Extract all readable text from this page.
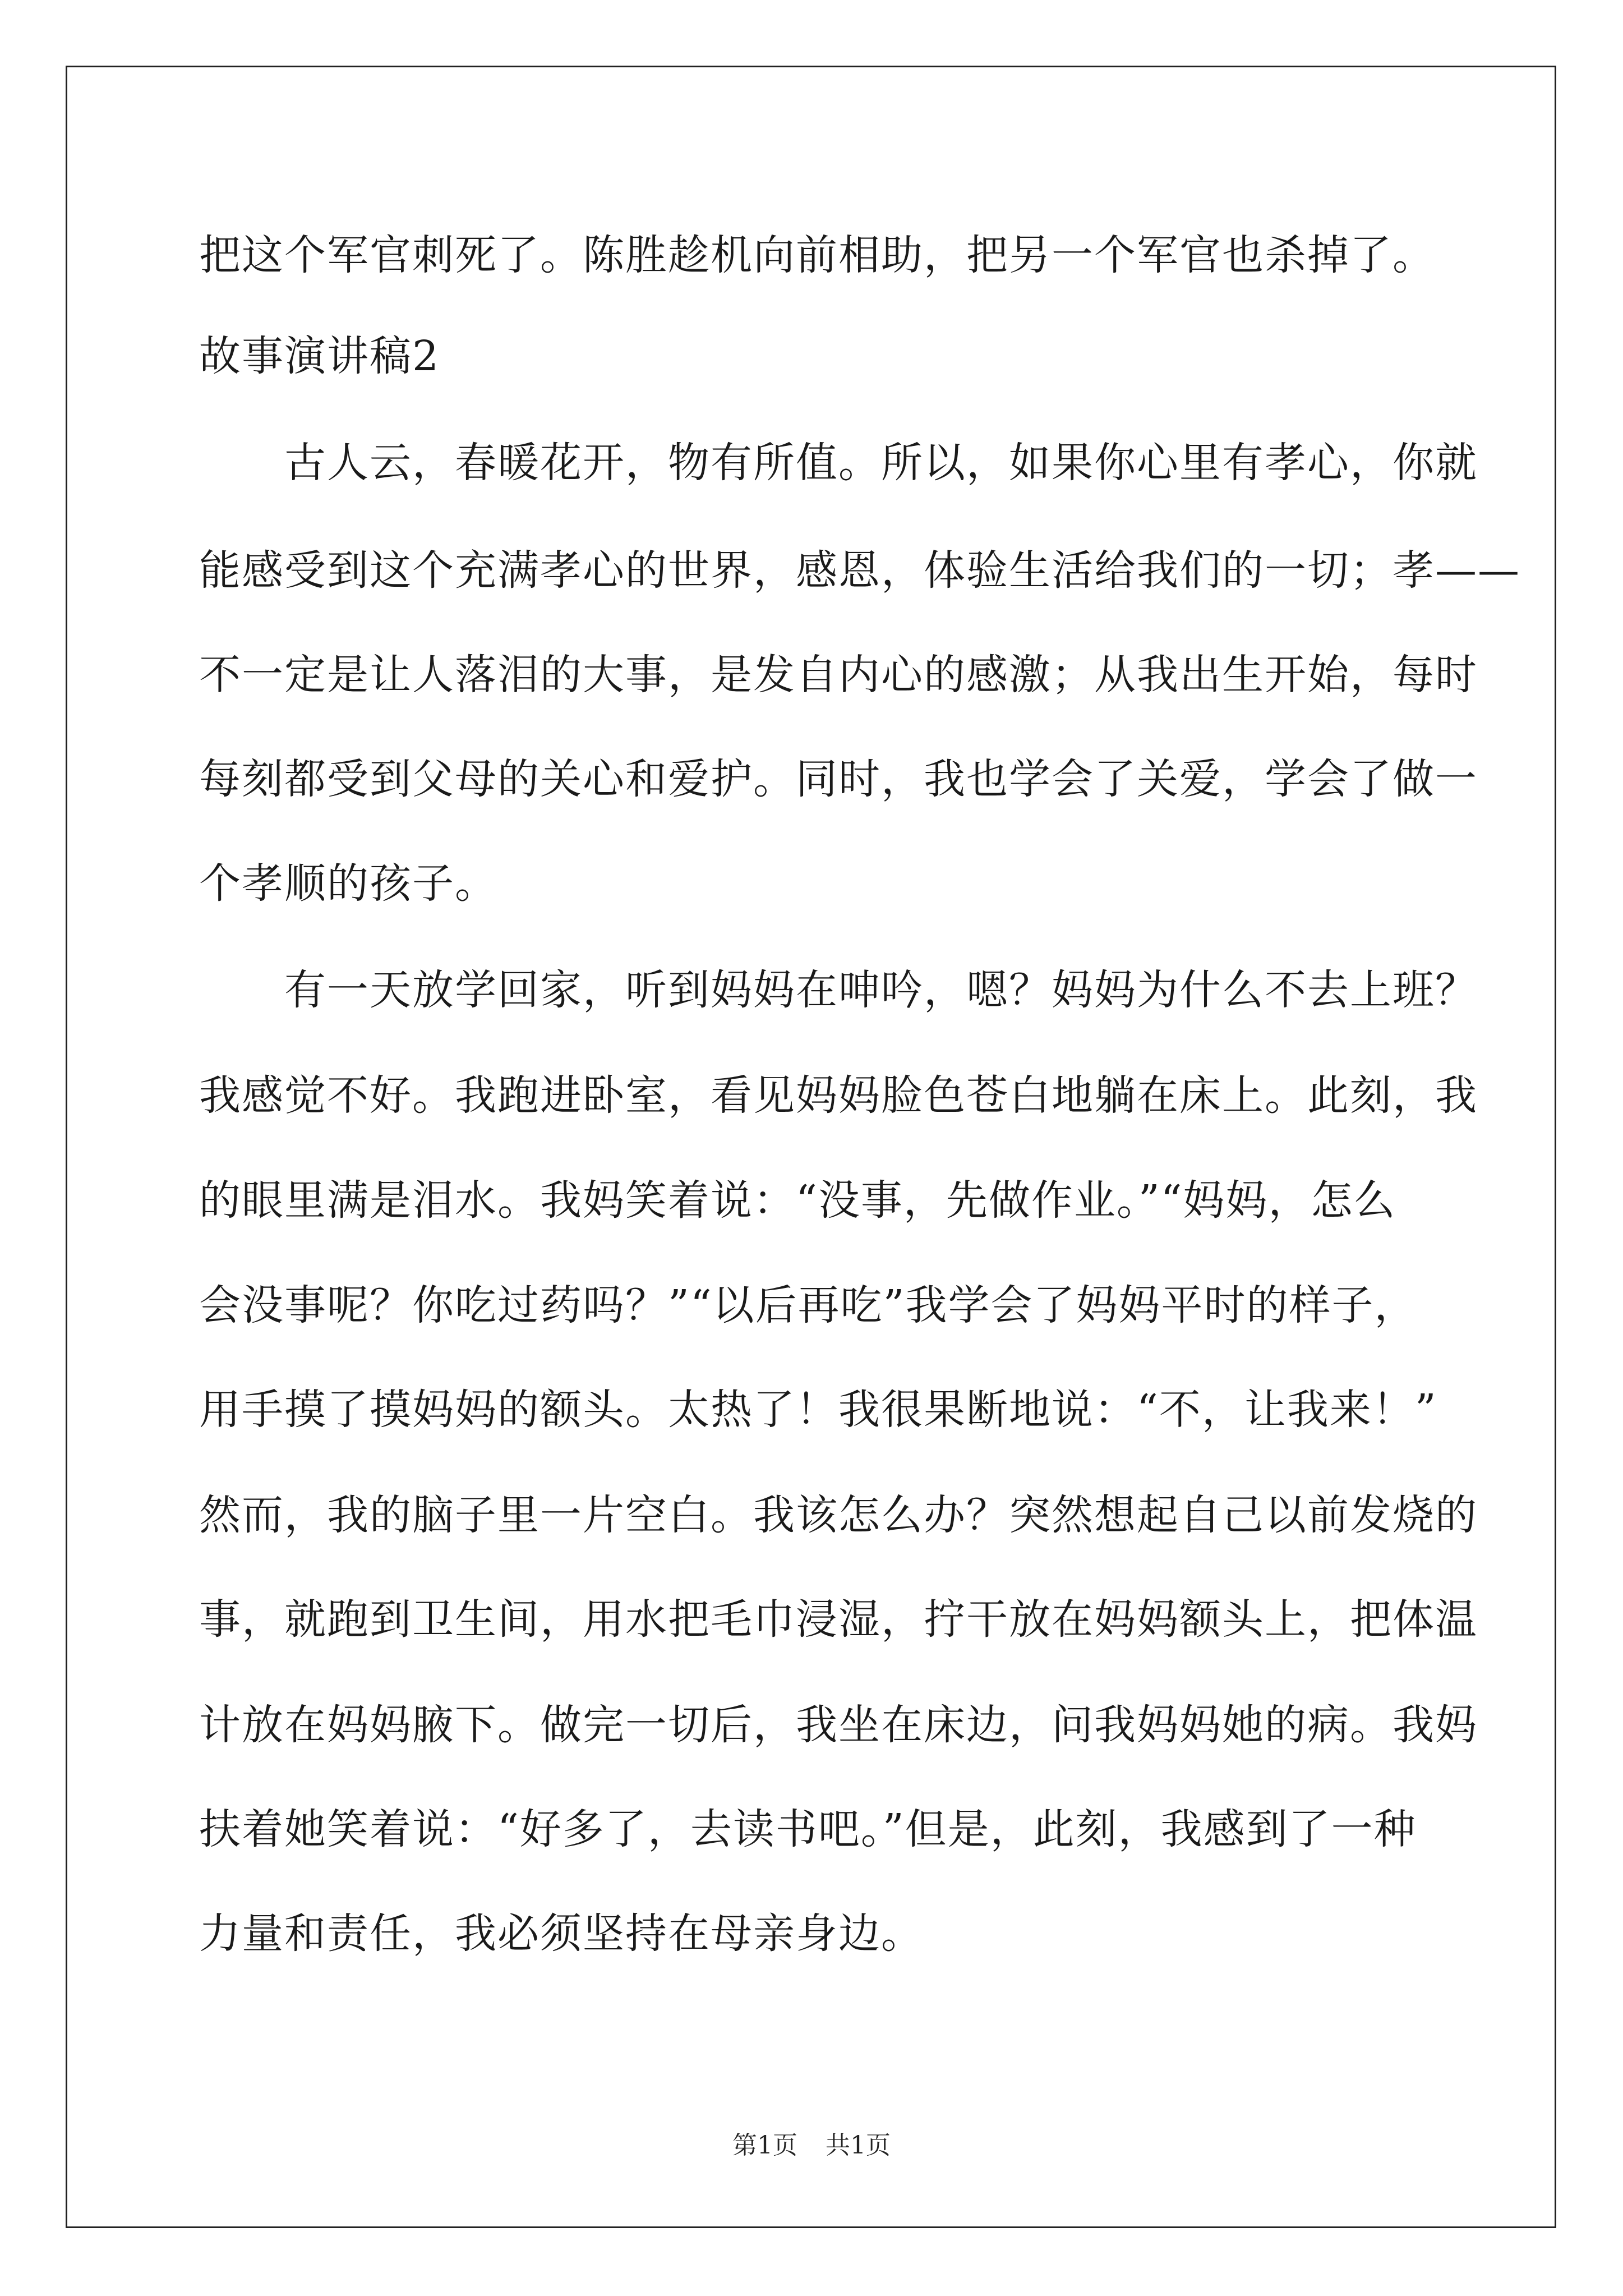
把这个军官刺死了。陈胜趁机向前相助，把另一个军官也杀掉了。
故事演讲稿2
　　古人云，春暖花开，物有所值。所以，如果你心里有孝心，你就
能感受到这个充满孝心的世界，感恩，体验生活给我们的一切；孝——
不一定是让人落泪的大事，是发自内心的感激；从我出生开始，每时
每刻都受到父母的关心和爱护。同时，我也学会了关爱，学会了做一
个孝顺的孩子。
　　有一天放学回家，听到妈妈在呻吟，嗯？妈妈为什么不去上班？
我感觉不好。我跑进卧室，看见妈妈脸色苍白地躺在床上。此刻，我
的眼里满是泪水。我妈笑着说：“没事，先做作业。”“妈妈，怎么
会没事呢？你吃过药吗？”“以后再吃”我学会了妈妈平时的样子，
用手摸了摸妈妈的额头。太热了！我很果断地说：“不，让我来！”
然而，我的脑子里一片空白。我该怎么办？突然想起自己以前发烧的
事，就跑到卫生间，用水把毛巾浸湿，拧干放在妈妈额头上，把体温
计放在妈妈腋下。做完一切后，我坐在床边，问我妈妈她的病。我妈
扶着她笑着说：“好多了，去读书吧。”但是，此刻，我感到了一种
力量和责任，我必须坚持在母亲身边。
第1页 共1页
